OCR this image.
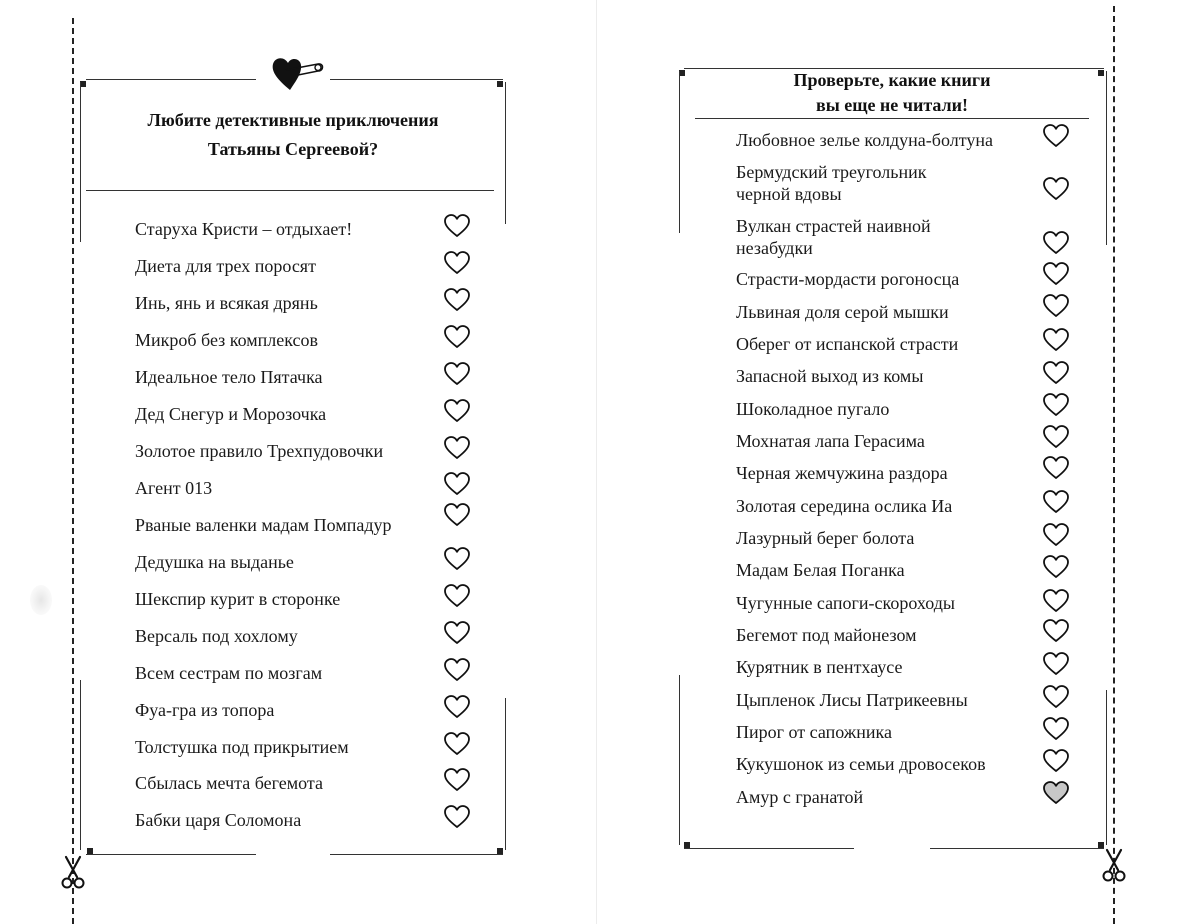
Любите детективные приключения
Татьяны Сергеевой?
Старуха Кристи – отдыхает!
Диета для трех поросят
Инь, янь и всякая дрянь
Микроб без комплексов
Идеальное тело Пятачка
Дед Снегур и Морозочка
Золотое правило Трехпудовочки
Агент 013
Рваные валенки мадам Помпадур
Дедушка на выданье
Шекспир курит в сторонке
Версаль под хохлому
Всем сестрам по мозгам
Фуа-гра из топора
Толстушка под прикрытием
Сбылась мечта бегемота
Бабки царя Соломона
Проверьте, какие книги
вы еще не читали!
Любовное зелье колдуна-болтуна
Бермудский треугольник черной вдовы
Вулкан страстей наивной незабудки
Страсти-мордасти рогоносца
Львиная доля серой мышки
Оберег от испанской страсти
Запасной выход из комы
Шоколадное пугало
Мохнатая лапа Герасима
Черная жемчужина раздора
Золотая середина ослика Иа
Лазурный берег болота
Мадам Белая Поганка
Чугунные сапоги-скороходы
Бегемот под майонезом
Курятник в пентхаусе
Цыпленок Лисы Патрикеевны
Пирог от сапожника
Кукушонок из семьи дровосеков
Амур с гранатой
